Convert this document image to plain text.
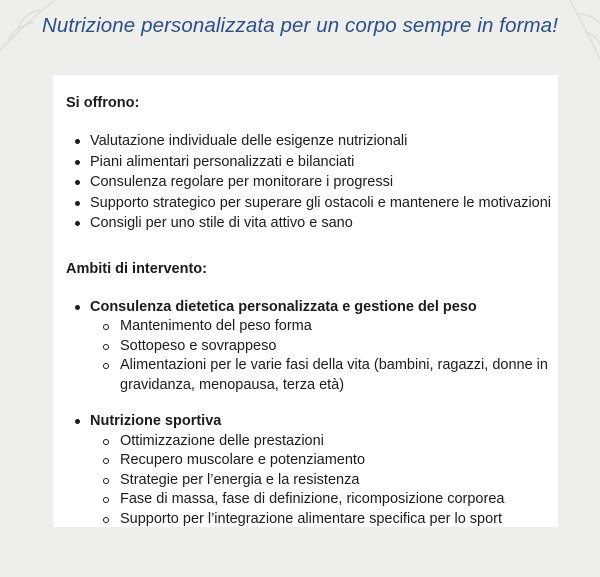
Nutrizione personalizzata per un corpo sempre in forma!
Si offrono:
Valutazione individuale delle esigenze nutrizionali
Piani alimentari personalizzati e bilanciati
Consulenza regolare per monitorare i progressi
Supporto strategico per superare gli ostacoli e mantenere le motivazioni
Consigli per uno stile di vita attivo e sano
Ambiti di intervento:
Consulenza dietetica personalizzata e gestione del peso
Mantenimento del peso forma
Sottopeso e sovrappeso
Alimentazioni per le varie fasi della vita (bambini, ragazzi, donne in gravidanza, menopausa, terza età)
Nutrizione sportiva
Ottimizzazione delle prestazioni
Recupero muscolare e potenziamento
Strategie per l’energia e la resistenza
Fase di massa, fase di definizione, ricomposizione corporea
Supporto per l’integrazione alimentare specifica per lo sport
